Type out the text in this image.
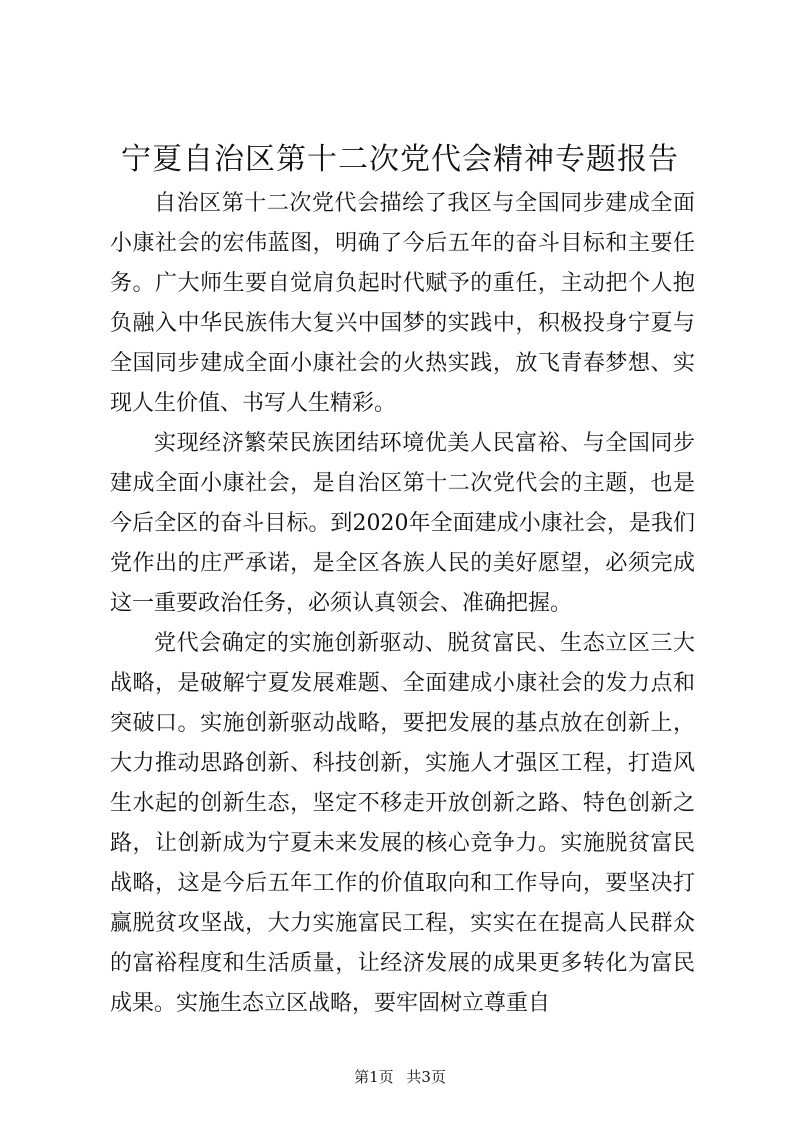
宁夏自治区第十二次党代会精神专题报告

自治区第十二次党代会描绘了我区与全国同步建成全面小康社会的宏伟蓝图，明确了今后五年的奋斗目标和主要任务。广大师生要自觉肩负起时代赋予的重任，主动把个人抱负融入中华民族伟大复兴中国梦的实践中，积极投身宁夏与全国同步建成全面小康社会的火热实践，放飞青春梦想、实现人生价值、书写人生精彩。

实现经济繁荣民族团结环境优美人民富裕、与全国同步建成全面小康社会，是自治区第十二次党代会的主题，也是今后全区的奋斗目标。到2020年全面建成小康社会，是我们党作出的庄严承诺，是全区各族人民的美好愿望，必须完成这一重要政治任务，必须认真领会、准确把握。

党代会确定的实施创新驱动、脱贫富民、生态立区三大战略，是破解宁夏发展难题、全面建成小康社会的发力点和突破口。实施创新驱动战略，要把发展的基点放在创新上，大力推动思路创新、科技创新，实施人才强区工程，打造风生水起的创新生态，坚定不移走开放创新之路、特色创新之路，让创新成为宁夏未来发展的核心竞争力。实施脱贫富民战略，这是今后五年工作的价值取向和工作导向，要坚决打赢脱贫攻坚战，大力实施富民工程，实实在在提高人民群众的富裕程度和生活质量，让经济发展的成果更多转化为富民成果。实施生态立区战略，要牢固树立尊重自

第1页 共3页
